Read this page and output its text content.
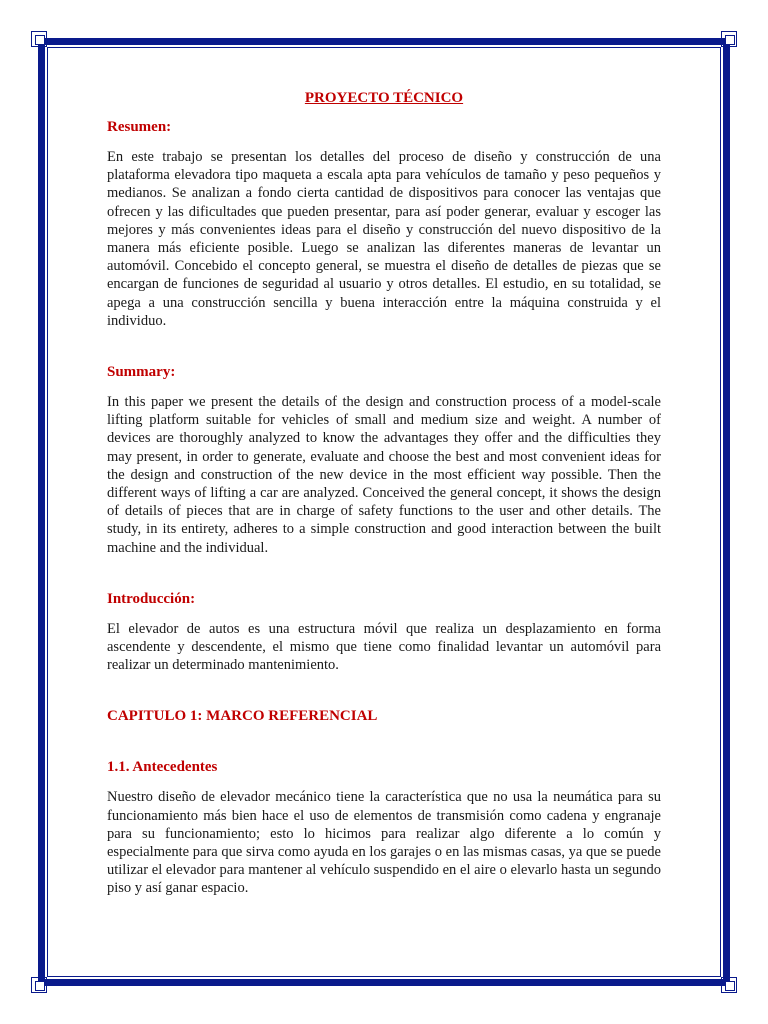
PROYECTO TÉCNICO
Resumen:

En este trabajo se presentan los detalles del proceso de diseño y construcción de una plataforma elevadora tipo maqueta a escala apta para vehículos de tamaño y peso pequeños y medianos. Se analizan a fondo cierta cantidad de dispositivos para conocer las ventajas que ofrecen y las dificultades que pueden presentar, para así poder generar, evaluar y escoger las mejores y más convenientes ideas para el diseño y construcción del nuevo dispositivo de la manera más eficiente posible. Luego se analizan las diferentes maneras de levantar un automóvil. Concebido el concepto general, se muestra el diseño de detalles de piezas que se encargan de funciones de seguridad al usuario y otros detalles. El estudio, en su totalidad, se apega a una construcción sencilla y buena interacción entre la máquina construida y el individuo.

Summary:

In this paper we present the details of the design and construction process of a model-scale lifting platform suitable for vehicles of small and medium size and weight. A number of devices are thoroughly analyzed to know the advantages they offer and the difficulties they may present, in order to generate, evaluate and choose the best and most convenient ideas for the design and construction of the new device in the most efficient way possible. Then the different ways of lifting a car are analyzed. Conceived the general concept, it shows the design of details of pieces that are in charge of safety functions to the user and other details. The study, in its entirety, adheres to a simple construction and good interaction between the built machine and the individual.

Introducción:

El elevador de autos es una estructura móvil que realiza un desplazamiento en forma ascendente y descendente, el mismo que tiene como finalidad levantar un automóvil para realizar un determinado mantenimiento.

CAPITULO 1: MARCO REFERENCIAL
1.1. Antecedentes

Nuestro diseño de elevador mecánico tiene la característica que no usa la neumática para su funcionamiento más bien hace el uso de elementos de transmisión como cadena y engranaje para su funcionamiento; esto lo hicimos para realizar algo diferente a lo común y especialmente para que sirva como ayuda en los garajes o en las mismas casas, ya que se puede utilizar el elevador para mantener al vehículo suspendido en el aire o elevarlo hasta un segundo piso y así ganar espacio.
